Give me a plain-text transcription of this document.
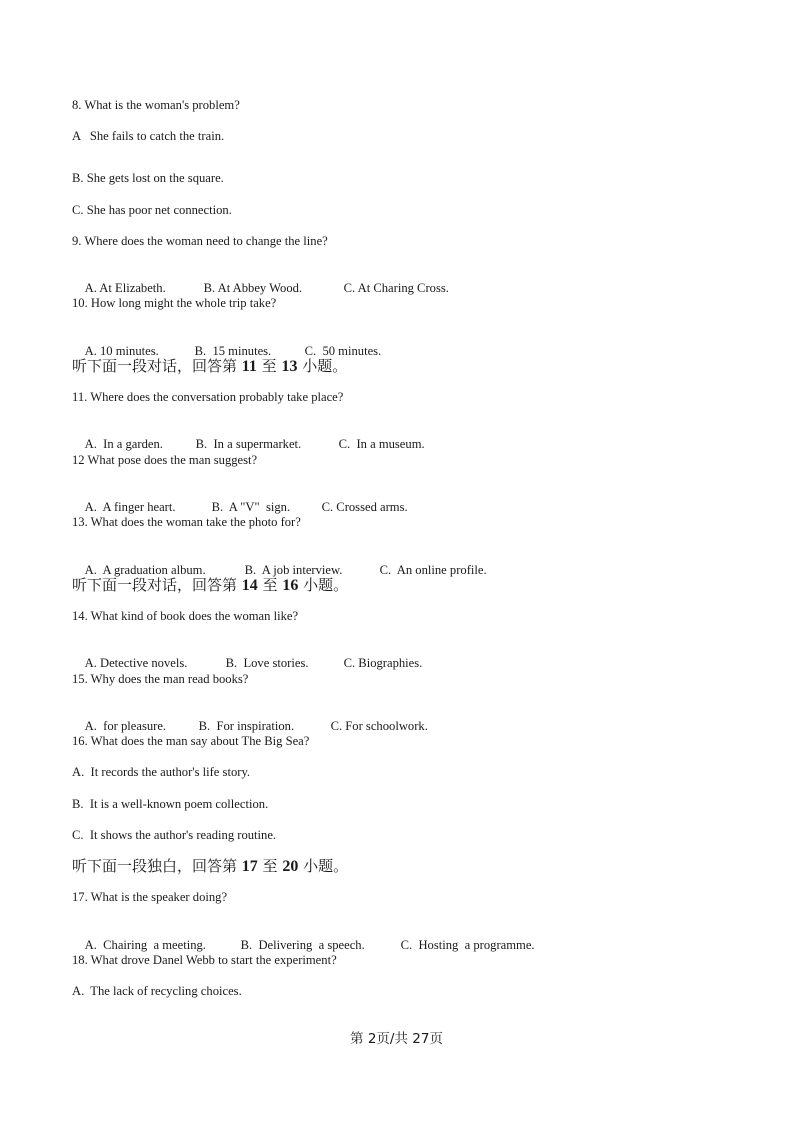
8. What is the woman's problem?
A   She fails to catch the train.
B. She gets lost on the square.
C. She has poor net connection.
9. Where does the woman need to change the line?

A. At Elizabeth.	B. At Abbey Wood.	C. At Charing Cross.

10. How long might the whole trip take?

A. 10 minutes.	B.  15 minutes.	C.  50 minutes.

听下面一段对话，回答第 11 至 13 小题。
11. Where does the conversation probably take place?

A.  In a garden.	B.  In a supermarket.	C.  In a museum.

12 What pose does the man suggest?

A.  A finger heart.	B.  A "V"  sign. C. Crossed arms.

13. What does the woman take the photo for?

A.  A graduation album.	B.  A job interview.	C.  An online profile.

听下面一段对话，回答第 14 至 16 小题。
14. What kind of book does the woman like?

A. Detective novels.	B.  Love stories.	C. Biographies.

15. Why does the man read books?

A.  for pleasure.	B.  For inspiration.	C. For schoolwork.

16. What does the man say about The Big Sea?
A.  It records the author's life story.
B.  It is a well-known poem collection.
C.  It shows the author's reading routine.
听下面一段独白，回答第 17 至 20 小题。
17. What is the speaker doing?

A.  Chairing  a meeting.	B.  Delivering  a speech.	C.  Hosting  a programme.

18. What drove Danel Webb to start the experiment?
A.  The lack of recycling choices.
第 2页/共 27页
